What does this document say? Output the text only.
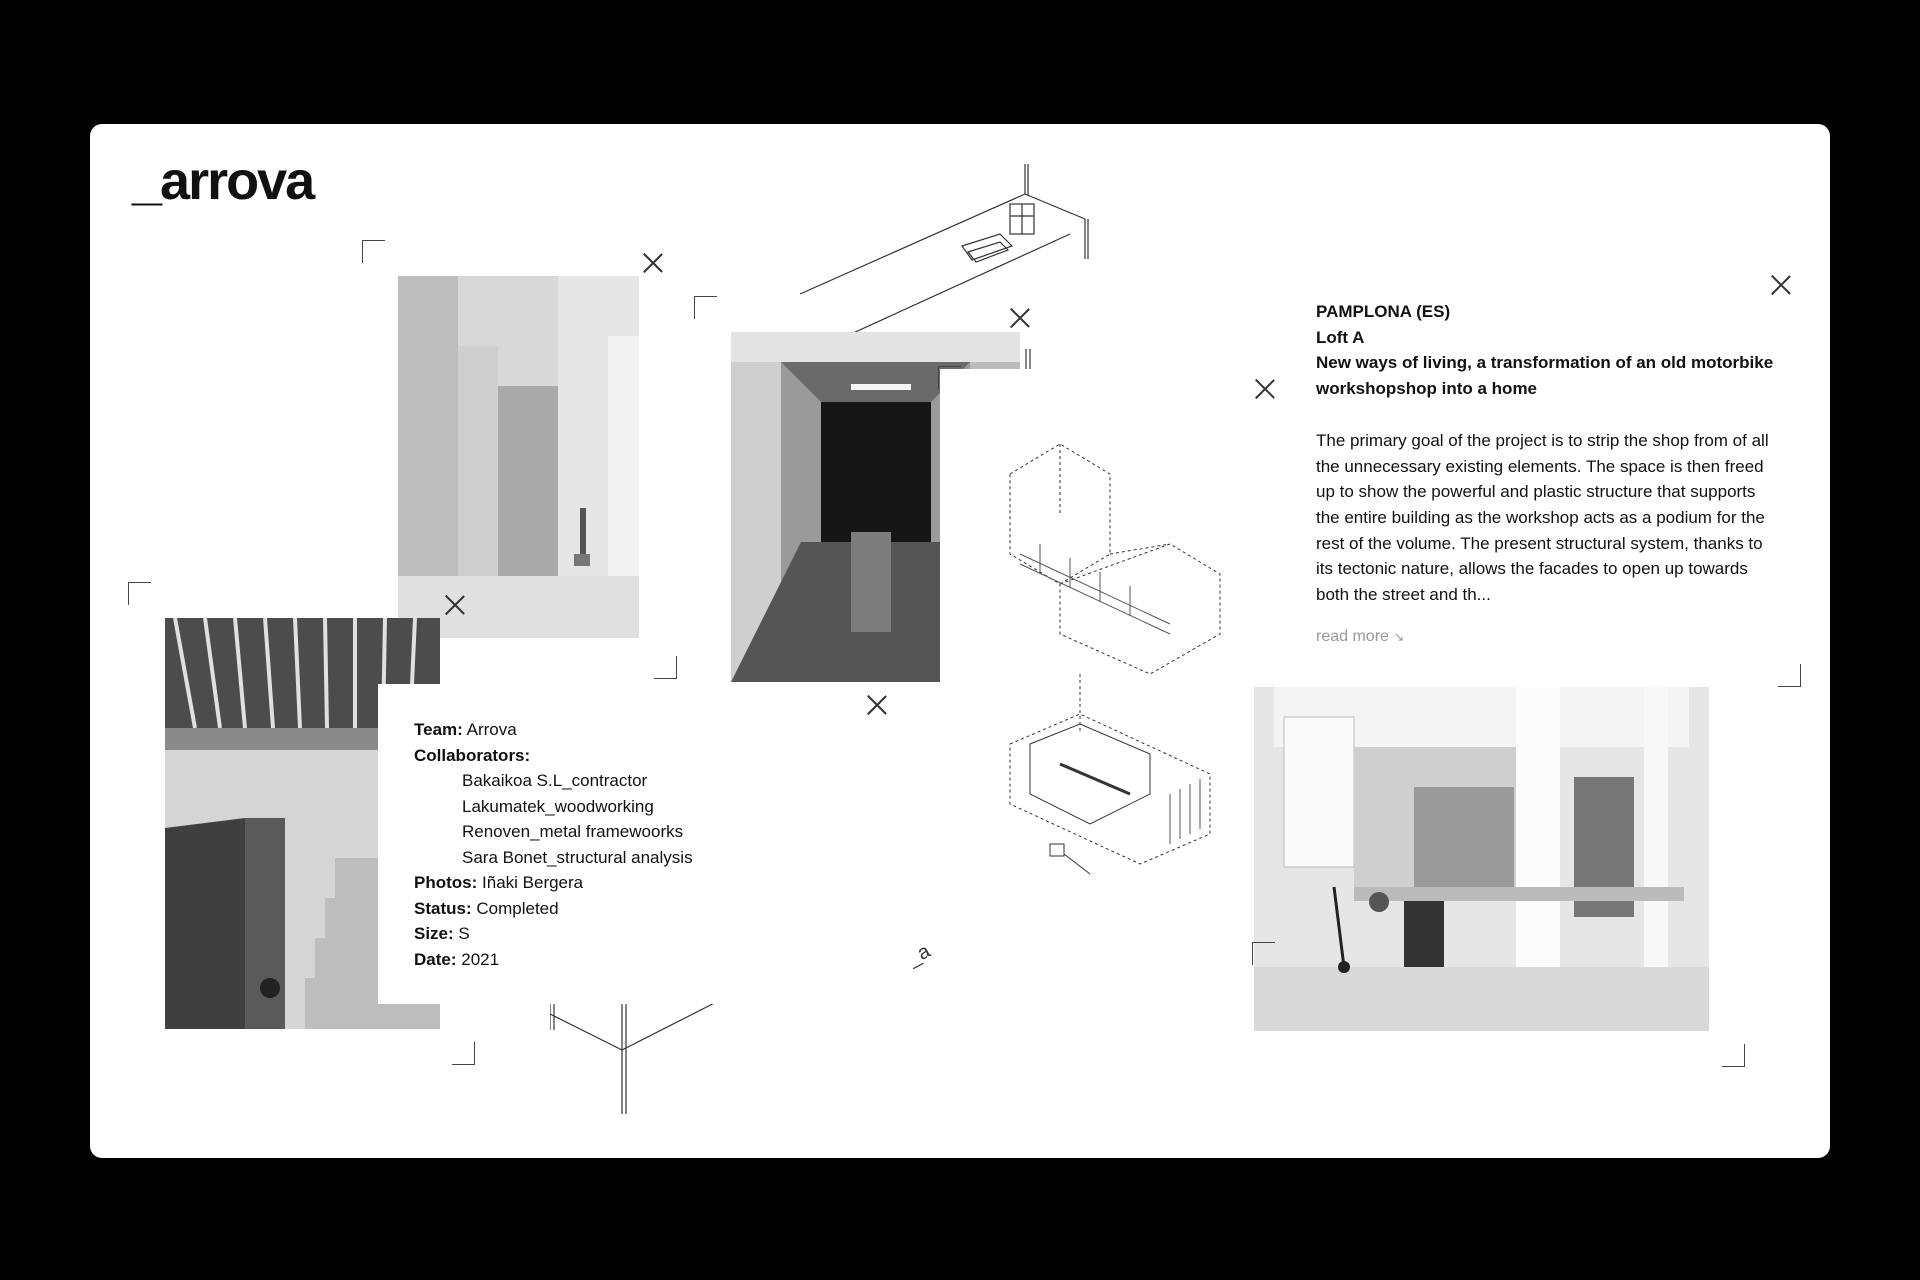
_arrova
_a
Team: Arrova
Collaborators:
Bakaikoa S.L_contractor
Lakumatek_woodworking
Renoven_metal framewoorks
Sara Bonet_structural analysis
Photos: Iñaki Bergera
Status: Completed
Size: S
Date: 2021
PAMPLONA (ES)
Loft A
New ways of living, a transformation of an old motorbike workshopshop into a home
The primary goal of the project is to strip the shop from of all the unnecessary existing elements. The space is then freed up to show the powerful and plastic structure that supports the entire building as the workshop acts as a podium for the rest of the volume. The present structural system, thanks to its tectonic nature, allows the facades to open up towards both the street and th...
read more ↘
